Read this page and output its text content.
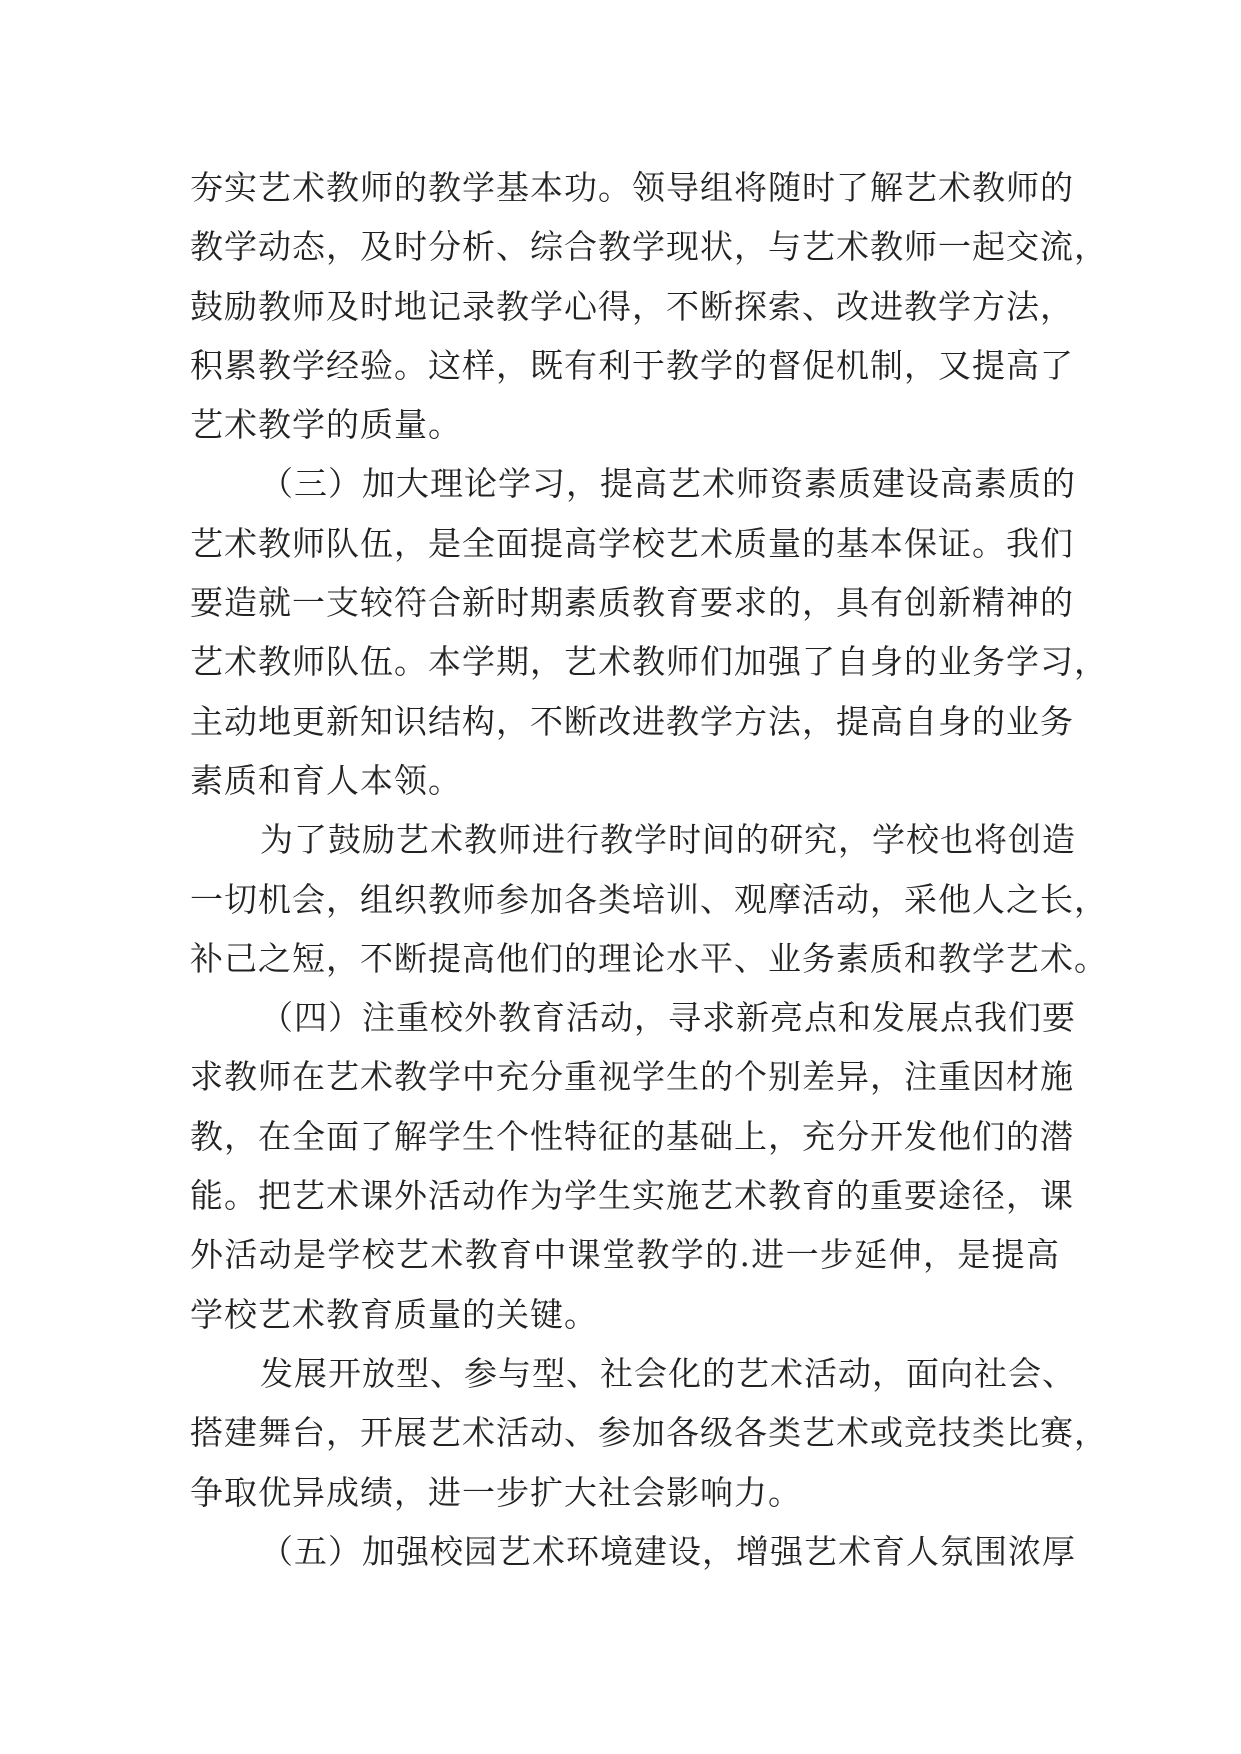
夯实艺术教师的教学基本功。领导组将随时了解艺术教师的
教学动态，及时分析、综合教学现状，与艺术教师一起交流，
鼓励教师及时地记录教学心得，不断探索、改进教学方法，
积累教学经验。这样，既有利于教学的督促机制，又提高了
艺术教学的质量。
（三）加大理论学习，提高艺术师资素质建设高素质的
艺术教师队伍，是全面提高学校艺术质量的基本保证。我们
要造就一支较符合新时期素质教育要求的，具有创新精神的
艺术教师队伍。本学期，艺术教师们加强了自身的业务学习，
主动地更新知识结构，不断改进教学方法，提高自身的业务
素质和育人本领。
为了鼓励艺术教师进行教学时间的研究，学校也将创造
一切机会，组织教师参加各类培训、观摩活动，采他人之长，
补己之短，不断提高他们的理论水平、业务素质和教学艺术。
（四）注重校外教育活动，寻求新亮点和发展点我们要
求教师在艺术教学中充分重视学生的个别差异，注重因材施
教，在全面了解学生个性特征的基础上，充分开发他们的潜
能。把艺术课外活动作为学生实施艺术教育的重要途径，课
外活动是学校艺术教育中课堂教学的.进一步延伸，是提高
学校艺术教育质量的关键。
发展开放型、参与型、社会化的艺术活动，面向社会、
搭建舞台，开展艺术活动、参加各级各类艺术或竞技类比赛，
争取优异成绩，进一步扩大社会影响力。
（五）加强校园艺术环境建设，增强艺术育人氛围浓厚
